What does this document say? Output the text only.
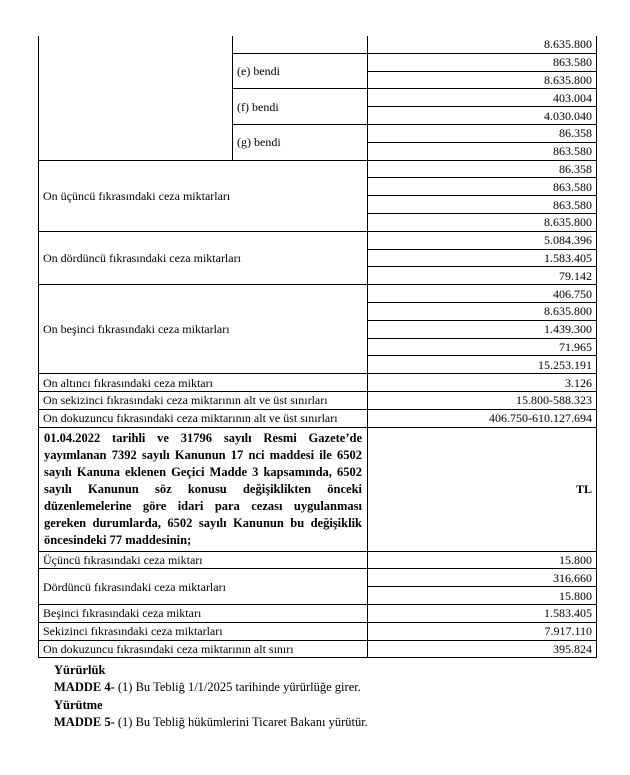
		8.635.800
	(e) bendi	863.580
		8.635.800
	(f) bendi	403.004
		4.030.040
	(g) bendi	86.358
		863.580
On üçüncü fıkrasındaki ceza miktarları		86.358
		863.580
		863.580
		8.635.800
On dördüncü fıkrasındaki ceza miktarları		5.084.396
		1.583.405
		79.142
On beşinci fıkrasındaki ceza miktarları		406.750
		8.635.800
		1.439.300
		71.965
		15.253.191
On altıncı fıkrasındaki ceza miktarı		3.126
On sekizinci fıkrasındaki ceza miktarının alt ve üst sınırları		15.800-588.323
On dokuzuncu fıkrasındaki ceza miktarının alt ve üst sınırları		406.750-610.127.694
01.04.2022 tarihli ve 31796 sayılı Resmi Gazete’de yayımlanan 7392 sayılı Kanunun 17 nci maddesi ile 6502 sayılı Kanuna eklenen Geçici Madde 3 kapsamında, 6502 sayılı Kanunun söz konusu değişiklikten önceki düzenlemelerine göre idari para cezası uygulanması gereken durumlarda, 6502 sayılı Kanunun bu değişiklik öncesindeki 77 maddesinin;		TL
Üçüncü fıkrasındaki ceza miktarı		15.800
Dördüncü fıkrasındaki ceza miktarları		316.660
		15.800
Beşinci fıkrasındaki ceza miktarı		1.583.405
Sekizinci fıkrasındaki ceza miktarları		7.917.110
On dokuzuncu fıkrasındaki ceza miktarının alt sınırı		395.824
Yürürlük
MADDE 4- (1) Bu Tebliğ 1/1/2025 tarihinde yürürlüğe girer.
Yürütme
MADDE 5- (1) Bu Tebliğ hükümlerini Ticaret Bakanı yürütür.
